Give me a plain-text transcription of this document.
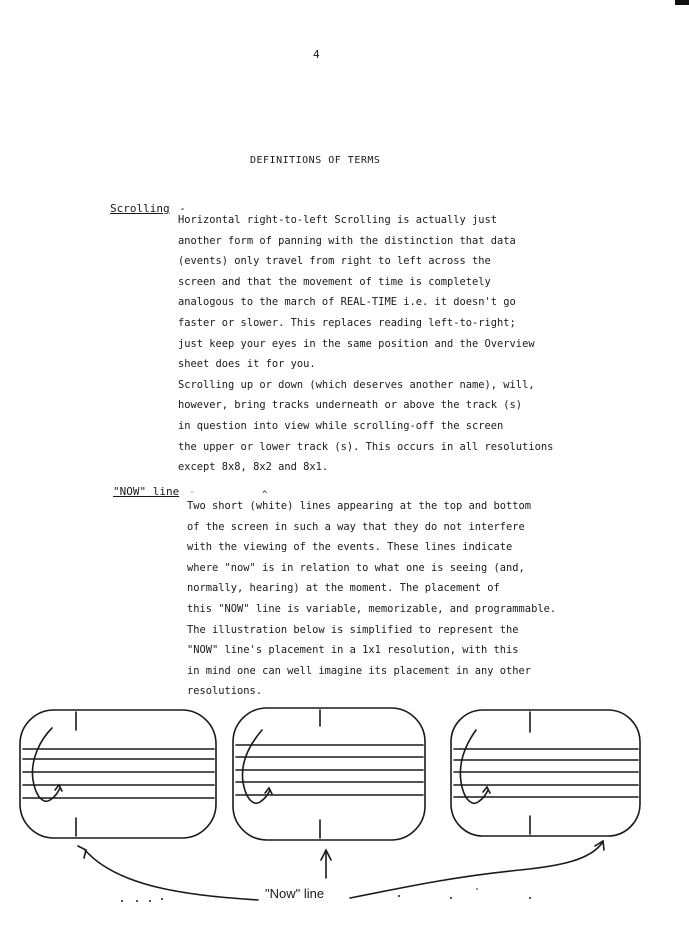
4
DEFINITIONS OF TERMS
Scrolling -
Horizontal right-to-left Scrolling is actually just
another form of panning with the distinction that data
(events) only travel from right to left across the
screen and that the movement of time is completely
analogous to the march of REAL-TIME i.e. it doesn't go
faster or slower. This replaces reading left-to-right;
just keep your eyes in the same position and the Overview
sheet does it for you.
Scrolling up or down (which deserves another name), will,
however, bring tracks underneath or above the track (s)
in question into view while scrolling-off the screen
the upper or lower track (s). This occurs in all resolutions
except 8x8, 8x2 and 8x1.
"NOW" line -	^
Two short (white) lines appearing at the top and bottom
of the screen in such a way that they do not interfere
with the viewing of the events. These lines indicate
where "now" is in relation to what one is seeing (and,
normally, hearing) at the moment. The placement of
this "NOW" line is variable, memorizable, and programmable.
The illustration below is simplified to represent the
"NOW" line's placement in a 1x1 resolution, with this
in mind one can well imagine its placement in any other
resolutions.
"Now" line
